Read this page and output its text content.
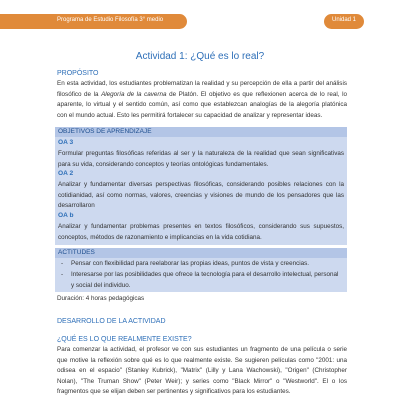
Programa de Estudio Filosofía 3° medio	Unidad 1
Actividad 1: ¿Qué es lo real?
PROPÓSITO

En esta actividad, los estudiantes problematizan la realidad y su percepción de ella a partir del análisis filosófico de la Alegoría de la caverna de Platón. El objetivo es que reflexionen acerca de lo real, lo aparente, lo virtual y el sentido común, así como que establezcan analogías de la alegoría platónica con el mundo actual. Esto les permitirá fortalecer su capacidad de analizar y representar ideas.

OBJETIVOS DE APRENDIZAJE
OA 3

Formular preguntas filosóficas referidas al ser y la naturaleza de la realidad que sean significativas para su vida, considerando conceptos y teorías ontológicas fundamentales.

OA 2

Analizar y fundamentar diversas perspectivas filosóficas, considerando posibles relaciones con la cotidianidad, así como normas, valores, creencias y visiones de mundo de los pensadores que las desarrollaron

OA b

Analizar y fundamentar problemas presentes en textos filosóficos, considerando sus supuestos, conceptos, métodos de razonamiento e implicancias en la vida cotidiana.

ACTITUDES

- Pensar con flexibilidad para reelaborar las propias ideas, puntos de vista y creencias.

- Interesarse por las posibilidades que ofrece la tecnología para el desarrollo intelectual, personal y social del individuo.

Duración: 4 horas pedagógicas
DESARROLLO DE LA ACTIVIDAD
¿QUÉ ES LO QUE REALMENTE EXISTE?

Para comenzar la actividad, el profesor ve con sus estudiantes un fragmento de una película o serie que motive la reflexión sobre qué es lo que realmente existe. Se sugieren películas como "2001: una odisea en el espacio" (Stanley Kubrick), "Matrix" (Lilly y Lana Wachowski), "Origen" (Christopher Nolan), "The Truman Show" (Peter Weir); y series como "Black Mirror" o "Westworld". El o los fragmentos que se elijan deben ser pertinentes y significativos para los estudiantes.
